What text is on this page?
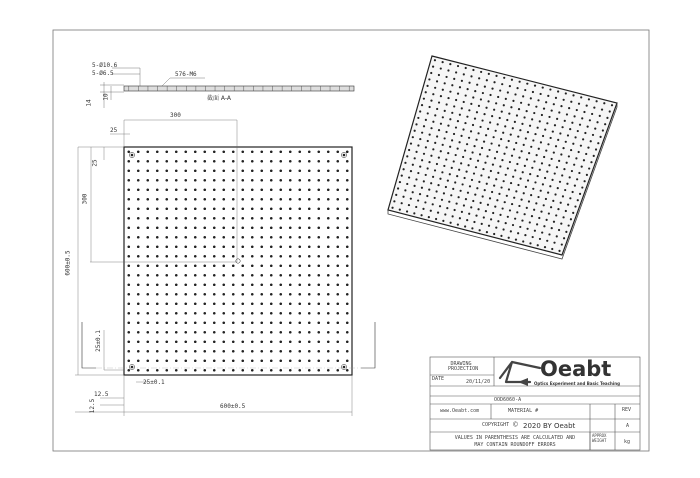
5-Ø10.6
5-Ø6.5	576-M6
14
10	截面 A-A
300
25
25
300
600±0.5
25±0.1
25±0.1
12.5
12.5	600±0.5
DRAWING PROJECTION
DATE	20/11/20
Oeabt
Optics Experiment and Basic Teaching
OOD6060-A
www.Oeabt.com	MATERIAL #	REV
A
COPYRIGHT © 2020 BY Oeabt
VALUES IN PARENTHESIS ARE CALCULATED AND MAY CONTAIN ROUNDOFF ERRORS
APPROX WEIGHT	kg
